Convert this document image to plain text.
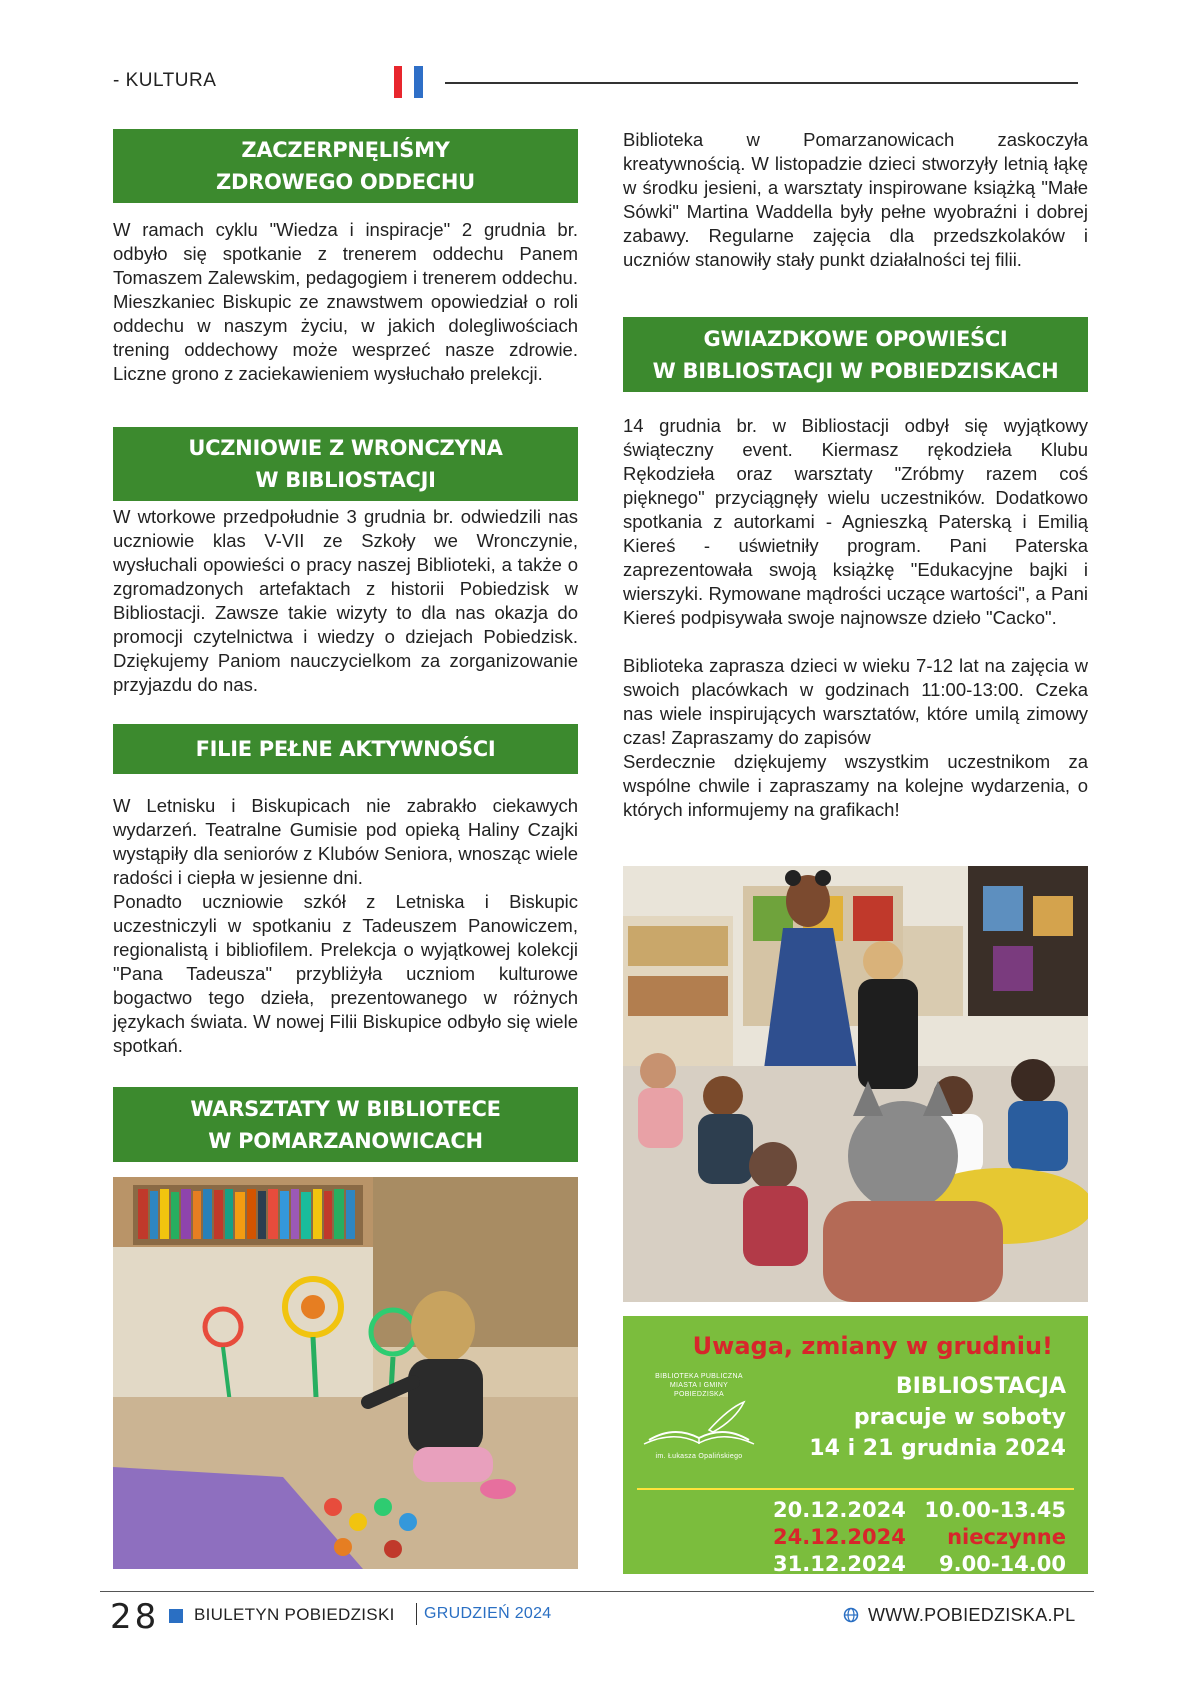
- KULTURA
ZACZERPNĘLIŚMY
ZDROWEGO ODDECHU

W ramach cyklu "Wiedza i inspiracje" 2 grudnia br. odbyło się spotkanie z trenerem oddechu Panem Tomaszem Zalewskim, pedagogiem i trenerem oddechu. Mieszkaniec Biskupic ze znawstwem opowiedział o roli oddechu w naszym życiu, w jakich dolegliwościach trening oddechowy może wesprzeć nasze zdrowie. Liczne grono z zaciekawieniem wysłuchało prelekcji.

UCZNIOWIE Z WRONCZYNA
W BIBLIOSTACJI

W wtorkowe przedpołudnie 3 grudnia br. odwiedzili nas uczniowie klas V-VII ze Szkoły we Wronczynie, wysłuchali opowieści o pracy naszej Biblioteki, a także o zgromadzonych artefaktach z historii Pobiedzisk w Bibliostacji. Zawsze takie wizyty to dla nas okazja do promocji czytelnictwa i wiedzy o dziejach Pobiedzisk. Dziękujemy Paniom nauczycielkom za zorganizowanie przyjazdu do nas.

FILIE PEŁNE AKTYWNOŚCI

W Letnisku i Biskupicach nie zabrakło ciekawych wydarzeń. Teatralne Gumisie pod opieką Haliny Czajki wystąpiły dla seniorów z Klubów Seniora, wnosząc wiele radości i ciepła w jesienne dni.

Ponadto uczniowie szkół z Letniska i Biskupic uczestniczyli w spotkaniu z Tadeuszem Panowiczem, regionalistą i bibliofilem. Prelekcja o wyjątkowej kolekcji "Pana Tadeusza" przybliżyła uczniom kulturowe bogactwo tego dzieła, prezentowanego w różnych językach świata. W nowej Filii Biskupice odbyło się wiele spotkań.

WARSZTATY W BIBLIOTECE
W POMARZANOWICACH

Biblioteka w Pomarzanowicach zaskoczyła kreatywnością. W listopadzie dzieci stworzyły letnią łąkę w środku jesieni, a warsztaty inspirowane książką "Małe Sówki" Martina Waddella były pełne wyobraźni i dobrej zabawy. Regularne zajęcia dla przedszkolaków i uczniów stanowiły stały punkt działalności tej filii.

GWIAZDKOWE OPOWIEŚCI
W BIBLIOSTACJI W POBIEDZISKACH

14 grudnia br. w Bibliostacji odbył się wyjątkowy świąteczny event. Kiermasz rękodzieła Klubu Rękodzieła oraz warsztaty "Zróbmy razem coś pięknego" przyciągnęły wielu uczestników. Dodatkowo spotkania z autorkami - Agnieszką Paterską i Emilią Kiereś - uświetniły program. Pani Paterska zaprezentowała swoją książkę "Edukacyjne bajki i wierszyki. Rymowane mądrości uczące wartości", a Pani Kiereś podpisywała swoje najnowsze dzieło "Cacko".

Biblioteka zaprasza dzieci w wieku 7-12 lat na zajęcia w swoich placówkach w godzinach 11:00-13:00. Czeka nas wiele inspirujących warsztatów, które umilą zimowy czas! Zapraszamy do zapisów

Serdecznie dziękujemy wszystkim uczestnikom za wspólne chwile i zapraszamy na kolejne wydarzenia, o których informujemy na grafikach!

Uwaga, zmiany w grudniu!
BIBLIOTEKA PUBLICZNA
MIASTA I GMINY
POBIEDZISKA
im. Łukasza Opalińskiego
BIBLIOSTACJA
pracuje w soboty
14 i 21 grudnia 2024
20.12.2024 10.00-13.45
24.12.2024 nieczynne
31.12.2024 9.00-14.00
28 BIULETYN POBIEDZISKI GRUDZIEŃ 2024	WWW.POBIEDZISKA.PL
